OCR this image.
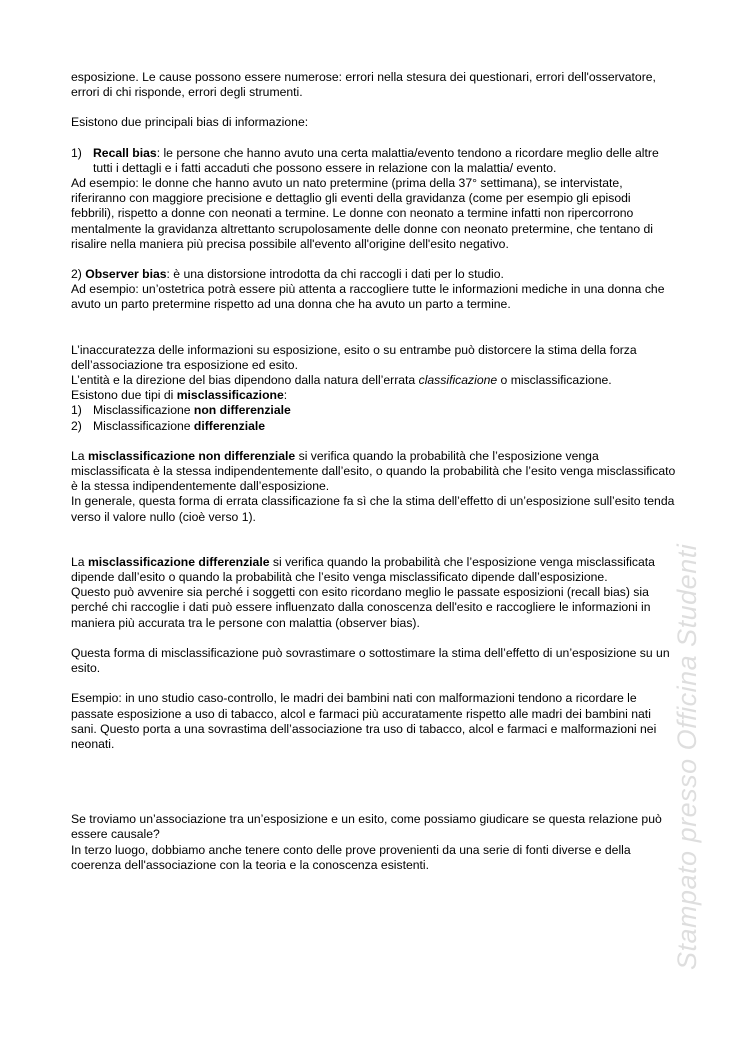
esposizione. Le cause possono essere numerose: errori nella stesura dei questionari, errori dell'osservatore, errori di chi risponde, errori degli strumenti.

Esistono due principali bias di informazione:

1) Recall bias: le persone che hanno avuto una certa malattia/evento tendono a ricordare meglio delle altre tutti i dettagli e i fatti accaduti che possono essere in relazione con la malattia/ evento.

Ad esempio: le donne che hanno avuto un nato pretermine (prima della 37° settimana), se intervistate, riferiranno con maggiore precisione e dettaglio gli eventi della gravidanza (come per esempio gli episodi febbrili), rispetto a donne con neonati a termine. Le donne con neonato a termine infatti non ripercorrono mentalmente la gravidanza altrettanto scrupolosamente delle donne con neonato pretermine, che tentano di risalire nella maniera più precisa possibile all'evento all'origine dell'esito negativo.

2) Observer bias: è una distorsione introdotta da chi raccogli i dati per lo studio.

Ad esempio: un’ostetrica potrà essere più attenta a raccogliere tutte le informazioni mediche in una donna che avuto un parto pretermine rispetto ad una donna che ha avuto un parto a termine.

L’inaccuratezza delle informazioni su esposizione, esito o su entrambe può distorcere la stima della forza dell’associazione tra esposizione ed esito.

L’entità e la direzione del bias dipendono dalla natura dell’errata classificazione o misclassificazione.

Esistono due tipi di misclassificazione:

1) Misclassificazione non differenziale
2) Misclassificazione differenziale

La misclassificazione non differenziale si verifica quando la probabilità che l’esposizione venga misclassificata è la stessa indipendentemente dall’esito, o quando la probabilità che l’esito venga misclassificato è la stessa indipendentemente dall’esposizione.

In generale, questa forma di errata classificazione fa sì che la stima dell’effetto di un’esposizione sull’esito tenda verso il valore nullo (cioè verso 1).

La misclassificazione differenziale si verifica quando la probabilità che l’esposizione venga misclassificata dipende dall’esito o quando la probabilità che l’esito venga misclassificato dipende dall’esposizione.

Questo può avvenire sia perché i soggetti con esito ricordano meglio le passate esposizioni (recall bias) sia perché chi raccoglie i dati può essere influenzato dalla conoscenza dell'esito e raccogliere le informazioni in maniera più accurata tra le persone con malattia (observer bias).

Questa forma di misclassificazione può sovrastimare o sottostimare la stima dell’effetto di un’esposizione su un esito.

Esempio: in uno studio caso-controllo, le madri dei bambini nati con malformazioni tendono a ricordare le passate esposizione a uso di tabacco, alcol e farmaci più accuratamente rispetto alle madri dei bambini nati sani. Questo porta a una sovrastima dell’associazione tra uso di tabacco, alcol e farmaci e malformazioni nei neonati.

Se troviamo un’associazione tra un’esposizione e un esito, come possiamo giudicare se questa relazione può essere causale?

In terzo luogo, dobbiamo anche tenere conto delle prove provenienti da una serie di fonti diverse e della coerenza dell'associazione con la teoria e la conoscenza esistenti.	Stampato presso Officina Studenti
